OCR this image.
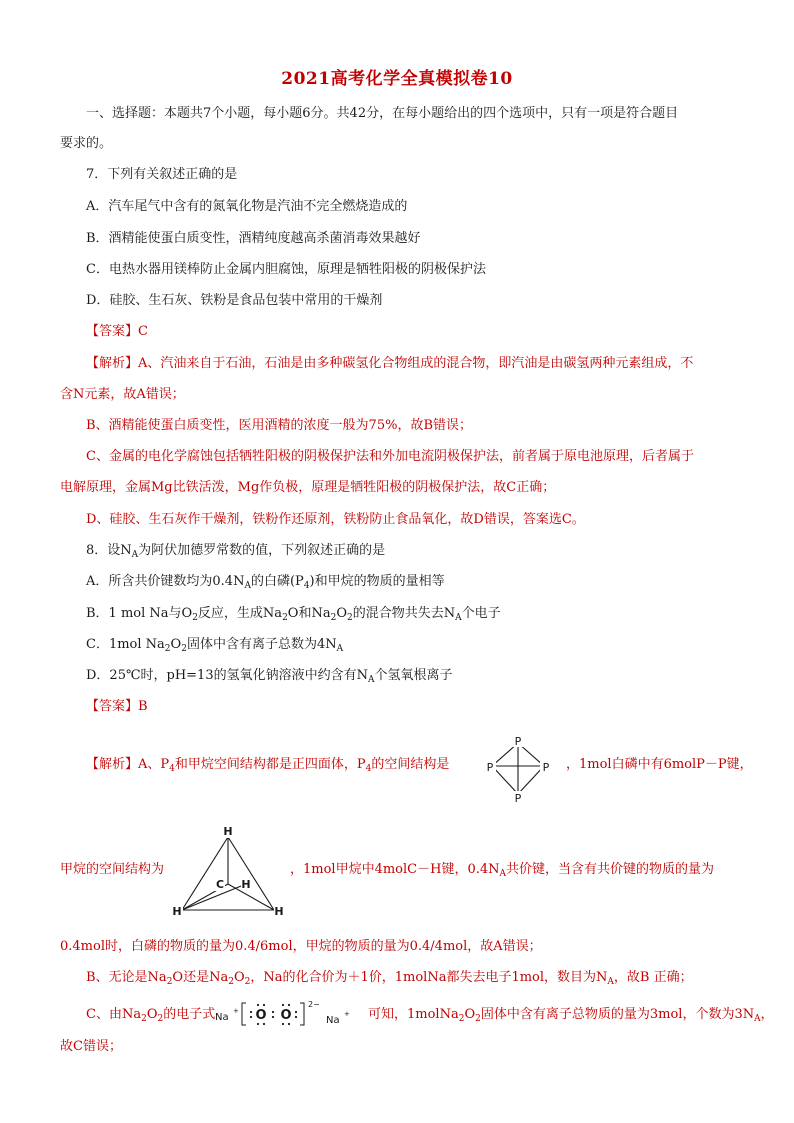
2021高考化学全真模拟卷10
一、选择题：本题共7个小题，每小题6分。共42分，在每小题给出的四个选项中，只有一项是符合题目
要求的。
7．下列有关叙述正确的是
A．汽车尾气中含有的氮氧化物是汽油不完全燃烧造成的
B．酒精能使蛋白质变性，酒精纯度越高杀菌消毒效果越好
C．电热水器用镁棒防止金属内胆腐蚀，原理是牺牲阳极的阴极保护法
D．硅胶、生石灰、铁粉是食品包装中常用的干燥剂
【答案】C
【解析】A、汽油来自于石油，石油是由多种碳氢化合物组成的混合物，即汽油是由碳氢两种元素组成，不
含N元素，故A错误；
B、酒精能使蛋白质变性，医用酒精的浓度一般为75%，故B错误；
C、金属的电化学腐蚀包括牺牲阳极的阴极保护法和外加电流阴极保护法，前者属于原电池原理，后者属于
电解原理，金属Mg比铁活泼，Mg作负极，原理是牺牲阳极的阴极保护法，故C正确；
D、硅胶、生石灰作干燥剂，铁粉作还原剂，铁粉防止食品氧化，故D错误，答案选C。
8．设$N_A$为阿伏加德罗常数的值，下列叙述正确的是
A．所含共价键数均为$0.4N_A$的白磷$(P_4)$和甲烷的物质的量相等
B．1 mol Na与$O_2$反应，生成$Na_2O$和$Na_2O_2$的混合物共失去$N_A$个电子
C．1mol $Na_2O_2$固体中含有离子总数为$4N_A$
D．25℃时，pH=13的氢氧化钠溶液中约含有$N_A$个氢氧根离子
【答案】B
【解析】A、$P_4$和甲烷空间结构都是正四面体，$P_4$的空间结构是
P
P	P
P
，1mol白磷中有6molP－P键，
甲烷的空间结构为
H
C H
H	H
，1mol甲烷中4molC－H键，$0.4N_A$共价键，当含有共价键的物质的量为
0.4mol时，白磷的物质的量为0.4/6mol，甲烷的物质的量为0.4/4mol，故A错误；
B、无论是$Na_2O$还是$Na_2O_2$，Na的化合价为＋1价，1molNa都失去电子1mol，数目为$N_A$，故B 正确；
C、由$Na_2O_2$的电子式 Na
+
Na
+
2−
O O	可知，$1molNa_2O_2$固体中含有离子总物质的量为3mol，个数为$3N_A$，
故C错误；
